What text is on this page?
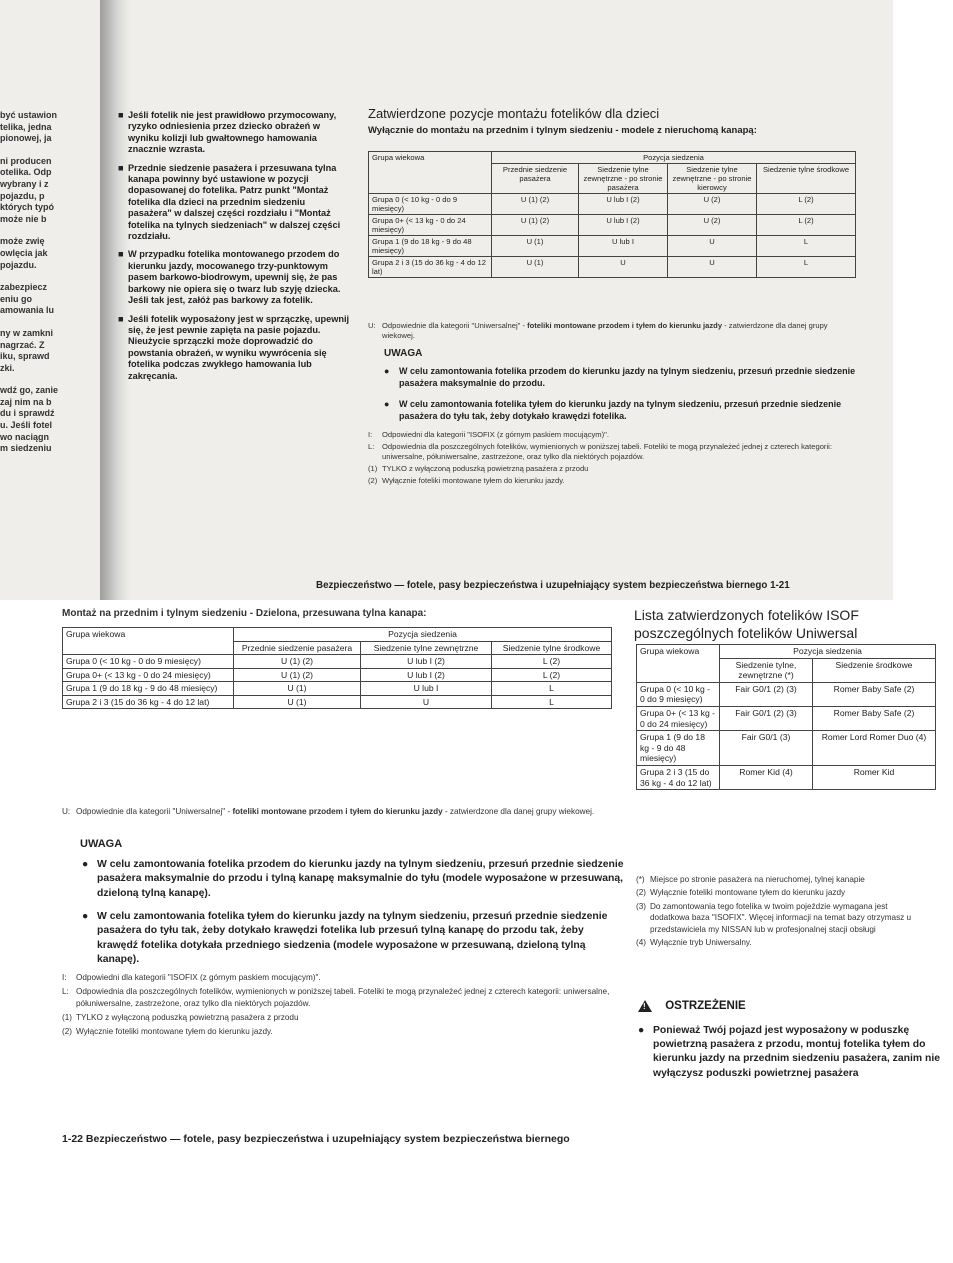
być ustawion
telika, jedna
pionowej, ja
ni producen
otelika. Odp
wybrany i z
pojazdu, p
których typó
może nie b
może zwię
owlęcia jak
pojazdu.
zabezpiecz
eniu go
amowania lu
ny w zamkni
nagrzać. Z
iku, sprawd
zki.
wdź go, zanie
zaj nim na b
du i sprawdź
u. Jeśli fotel
wo naciągn
m siedzeniu

■ Jeśli fotelik nie jest prawidłowo przymocowany, ryzyko odniesienia przez dziecko obrażeń w wyniku kolizji lub gwałtownego hamowania znacznie wzrasta.

■ Przednie siedzenie pasażera i przesuwana tylna kanapa powinny być ustawione w pozycji dopasowanej do fotelika. Patrz punkt "Montaż fotelika dla dzieci na przednim siedzeniu pasażera" w dalszej części rozdziału i "Montaż fotelika na tylnych siedzeniach" w dalszej części rozdziału.

■ W przypadku fotelika montowanego przodem do kierunku jazdy, mocowanego trzy-punktowym pasem barkowo-biodrowym, upewnij się, że pas barkowy nie opiera się o twarz lub szyję dziecka. Jeśli tak jest, załóż pas barkowy za fotelik.

■ Jeśli fotelik wyposażony jest w sprzączkę, upewnij się, że jest pewnie zapięta na pasie pojazdu. Nieużycie sprzączki może doprowadzić do powstania obrażeń, w wyniku wywrócenia się fotelika podczas zwykłego hamowania lub zakręcania.

Zatwierdzone pozycje montażu fotelików dla dzieci
Wyłącznie do montażu na przednim i tylnym siedzeniu - modele z nieruchomą kanapą:
Grupa wiekowa	Pozycja siedzenia			
	Przednie siedzenie pasażera	Siedzenie tylne zewnętrzne - po stronie pasażera	Siedzenie tylne zewnętrzne - po stronie kierowcy	Siedzenie tylne środkowe
Grupa 0 (< 10 kg - 0 do 9 miesięcy)	U (1) (2)	U lub I (2)	U (2)	L (2)
Grupa 0+ (< 13 kg - 0 do 24 miesięcy)	U (1) (2)	U lub I (2)	U (2)	L (2)
Grupa 1 (9 do 18 kg - 9 do 48 miesięcy)	U (1)	U lub I	U	L
Grupa 2 i 3 (15 do 36 kg - 4 do 12 lat)	U (1)	U	U	L
U: Odpowiednie dla kategorii "Uniwersalnej" - foteliki montowane przodem i tyłem do kierunku jazdy - zatwierdzone dla danej grupy wiekowej.
UWAGA
● W celu zamontowania fotelika przodem do kierunku jazdy na tylnym siedzeniu, przesuń przednie siedzenie pasażera maksymalnie do przodu.
● W celu zamontowania fotelika tyłem do kierunku jazdy na tylnym siedzeniu, przesuń przednie siedzenie pasażera do tyłu tak, żeby dotykało krawędzi fotelika.
I: Odpowiedni dla kategorii "ISOFIX (z górnym paskiem mocującym)".
L: Odpowiednia dla poszczególnych fotelików, wymienionych w poniższej tabeli. Foteliki te mogą przynależeć jednej z czterech kategorii: uniwersalne, półuniwersalne, zastrzeżone, oraz tylko dla niektórych pojazdów.
(1) TYLKO z wyłączoną poduszką powietrzną pasażera z przodu
(2) Wyłącznie foteliki montowane tyłem do kierunku jazdy.
Bezpieczeństwo — fotele, pasy bezpieczeństwa i uzupełniający system bezpieczeństwa biernego 1-21
Montaż na przednim i tylnym siedzeniu - Dzielona, przesuwana tylna kanapa:
Grupa wiekowa	Pozycja siedzenia		
	Przednie siedzenie pasażera	Siedzenie tylne zewnętrzne	Siedzenie tylne środkowe
Grupa 0 (< 10 kg - 0 do 9 miesięcy)	U (1) (2)	U lub I (2)	L (2)
Grupa 0+ (< 13 kg - 0 do 24 miesięcy)	U (1) (2)	U lub I (2)	L (2)
Grupa 1 (9 do 18 kg - 9 do 48 miesięcy)	U (1)	U lub I	L
Grupa 2 i 3 (15 do 36 kg - 4 do 12 lat)	U (1)	U	L
U: Odpowiednie dla kategorii "Uniwersalnej" - foteliki montowane przodem i tyłem do kierunku jazdy - zatwierdzone dla danej grupy wiekowej.
UWAGA
● W celu zamontowania fotelika przodem do kierunku jazdy na tylnym siedzeniu, przesuń przednie siedzenie pasażera maksymalnie do przodu i tylną kanapę maksymalnie do tyłu (modele wyposażone w przesuwaną, dzieloną tylną kanapę).
● W celu zamontowania fotelika tyłem do kierunku jazdy na tylnym siedzeniu, przesuń przednie siedzenie pasażera do tyłu tak, żeby dotykało krawędzi fotelika lub przesuń tylną kanapę do przodu tak, żeby krawędź fotelika dotykała przedniego siedzenia (modele wyposażone w przesuwaną, dzieloną tylną kanapę).
I: Odpowiedni dla kategorii "ISOFIX (z górnym paskiem mocującym)".
L: Odpowiednia dla poszczególnych fotelików, wymienionych w poniższej tabeli. Foteliki te mogą przynależeć jednej z czterech kategorii: uniwersalne, półuniwersalne, zastrzeżone, oraz tylko dla niektórych pojazdów.
(1) TYLKO z wyłączoną poduszką powietrzną pasażera z przodu
(2) Wyłącznie foteliki montowane tyłem do kierunku jazdy.
Lista zatwierdzonych fotelików ISOF
poszczególnych fotelików Uniwersal
Grupa wiekowa	Pozycja siedzenia	
	Siedzenie tylne, zewnętrzne (*)	Siedzenie środkowe
Grupa 0 (< 10 kg - 0 do 9 miesięcy)	Fair G0/1 (2) (3)	Romer Baby Safe (2)
Grupa 0+ (< 13 kg - 0 do 24 miesięcy)	Fair G0/1 (2) (3)	Romer Baby Safe (2)
Grupa 1 (9 do 18 kg - 9 do 48 miesięcy)	Fair G0/1 (3)	Romer Lord Romer Duo (4)
Grupa 2 i 3 (15 do 36 kg - 4 do 12 lat)	Romer Kid (4)	Romer Kid
(*) Miejsce po stronie pasażera na nieruchomej, tylnej kanapie
(2) Wyłącznie foteliki montowane tyłem do kierunku jazdy
(3) Do zamontowania tego fotelika w twoim pojeździe wymagana jest dodatkowa baza "ISOFIX". Więcej informacji na temat bazy otrzymasz u przedstawiciela my NISSAN lub w profesjonalnej stacji obsługi
(4) Wyłącznie tryb Uniwersalny.
! OSTRZEŻENIE
● Ponieważ Twój pojazd jest wyposażony w poduszkę powietrzną pasażera z przodu, montuj fotelika tyłem do kierunku jazdy na przednim siedzeniu pasażera, zanim nie wyłączysz poduszki powietrznej pasażera
1-22 Bezpieczeństwo — fotele, pasy bezpieczeństwa i uzupełniający system bezpieczeństwa biernego
